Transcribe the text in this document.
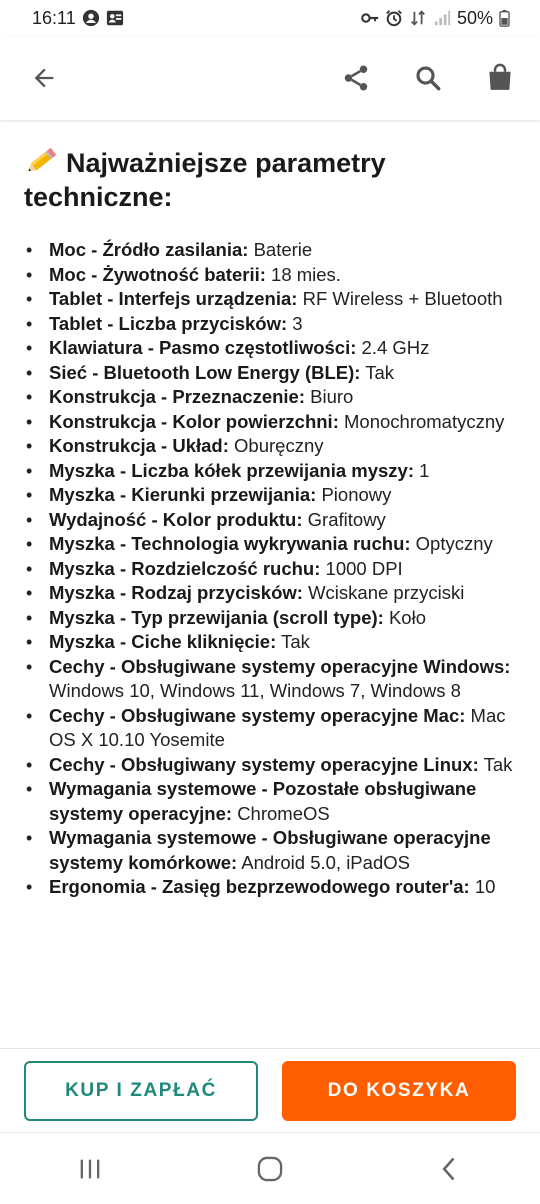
16:11	50%
Najważniejsze parametry techniczne:
• Moc - Źródło zasilania: Baterie
• Moc - Żywotność baterii: 18 mies.
• Tablet - Interfejs urządzenia: RF Wireless + Bluetooth
• Tablet - Liczba przycisków: 3
• Klawiatura - Pasmo częstotliwości: 2.4 GHz
• Sieć - Bluetooth Low Energy (BLE): Tak
• Konstrukcja - Przeznaczenie: Biuro
• Konstrukcja - Kolor powierzchni: Monochromatyczny
• Konstrukcja - Układ: Oburęczny
• Myszka - Liczba kółek przewijania myszy: 1
• Myszka - Kierunki przewijania: Pionowy
• Wydajność - Kolor produktu: Grafitowy
• Myszka - Technologia wykrywania ruchu: Optyczny
• Myszka - Rozdzielczość ruchu: 1000 DPI
• Myszka - Rodzaj przycisków: Wciskane przyciski
• Myszka - Typ przewijania (scroll type): Koło
• Myszka - Ciche kliknięcie: Tak
• Cechy - Obsługiwane systemy operacyjne Windows: Windows 10, Windows 11, Windows 7, Windows 8
• Cechy - Obsługiwane systemy operacyjne Mac: Mac OS X 10.10 Yosemite
• Cechy - Obsługiwany systemy operacyjne Linux: Tak
• Wymagania systemowe - Pozostałe obsługiwane systemy operacyjne: ChromeOS
• Wymagania systemowe - Obsługiwane operacyjne systemy komórkowe: Android 5.0, iPadOS
• Ergonomia - Zasięg bezprzewodowego router'a: 10
KUP I ZAPŁAĆ	DO KOSZYKA
